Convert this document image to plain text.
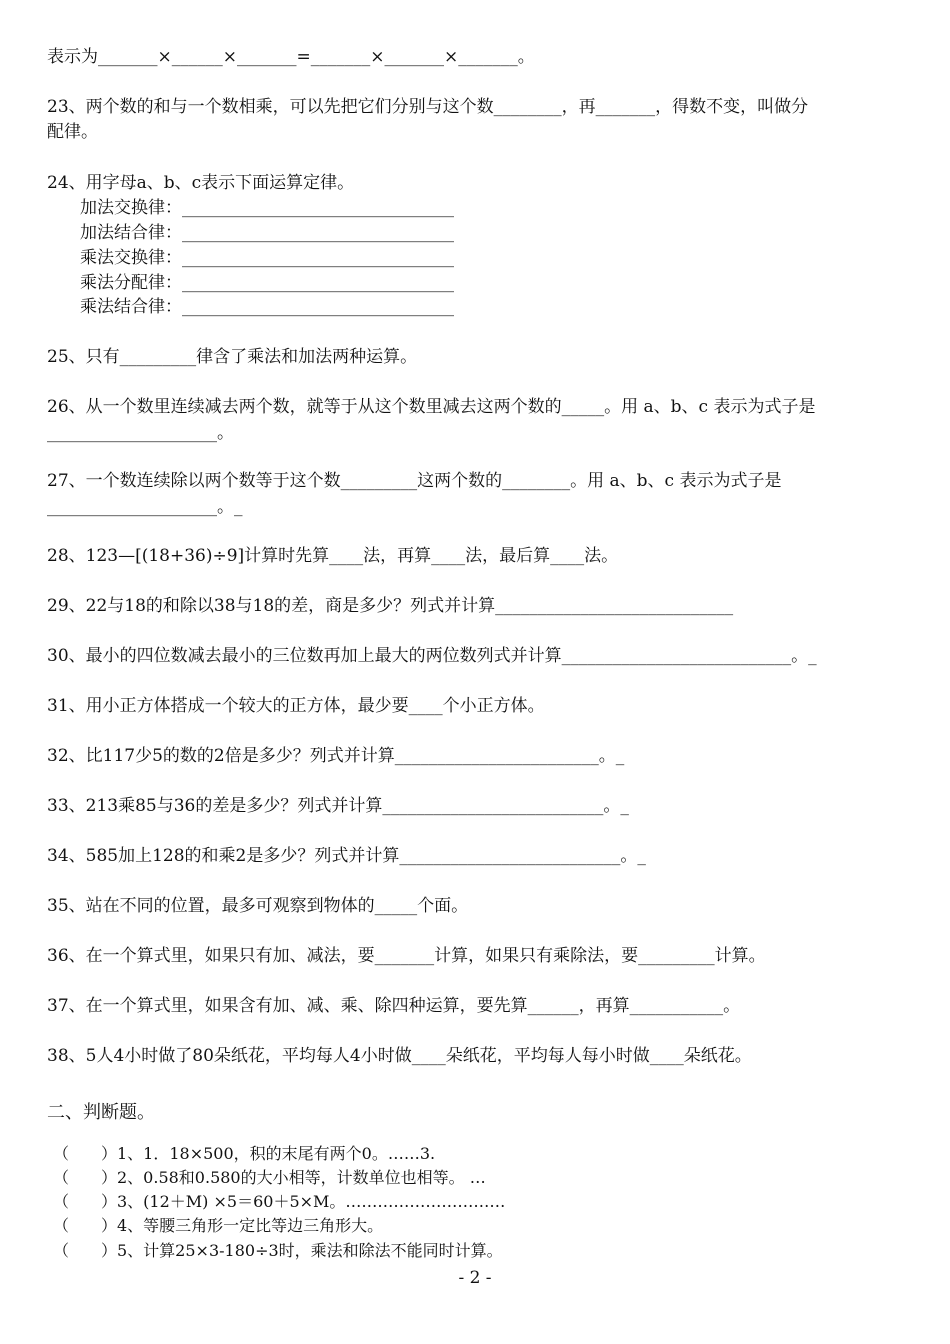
表示为_______×______×_______=_______×_______×_______。
23、两个数的和与一个数相乘，可以先把它们分别与这个数________，再_______，得数不变，叫做分
配律。
24、用字母a、b、c表示下面运算定律。
加法交换律：________________________________
加法结合律：________________________________
乘法交换律：________________________________
乘法分配律：________________________________
乘法结合律：________________________________
25、只有_________律含了乘法和加法两种运算。
26、从一个数里连续减去两个数，就等于从这个数里减去这两个数的_____。用 a、b、c 表示为式子是
____________________。
27、一个数连续除以两个数等于这个数_________这两个数的________。用 a、b、c 表示为式子是
____________________。_
28、123—[(18+36)÷9]计算时先算____法，再算____法，最后算____法。
29、22与18的和除以38与18的差，商是多少？列式并计算____________________________
30、最小的四位数减去最小的三位数再加上最大的两位数列式并计算___________________________。_
31、用小正方体搭成一个较大的正方体，最少要____个小正方体。
32、比117少5的数的2倍是多少？列式并计算________________________。_
33、213乘85与36的差是多少？列式并计算__________________________。_
34、585加上128的和乘2是多少？列式并计算__________________________。_
35、站在不同的位置，最多可观察到物体的_____个面。
36、在一个算式里，如果只有加、减法，要_______计算，如果只有乘除法，要_________计算。
37、在一个算式里，如果含有加、减、乘、除四种运算，要先算______，再算___________。
38、5人4小时做了80朵纸花，平均每人4小时做____朵纸花，平均每人每小时做____朵纸花。
二、判断题。
（　　）1、1．18×500，积的末尾有两个0。……3.
（　　）2、0.58和0.580的大小相等，计数单位也相等。 …
（　　）3、(12＋M) ×5＝60＋5×M。…………………………
（　　）4、等腰三角形一定比等边三角形大。
（　　）5、计算25×3-180÷3时，乘法和除法不能同时计算。
- 2 -
